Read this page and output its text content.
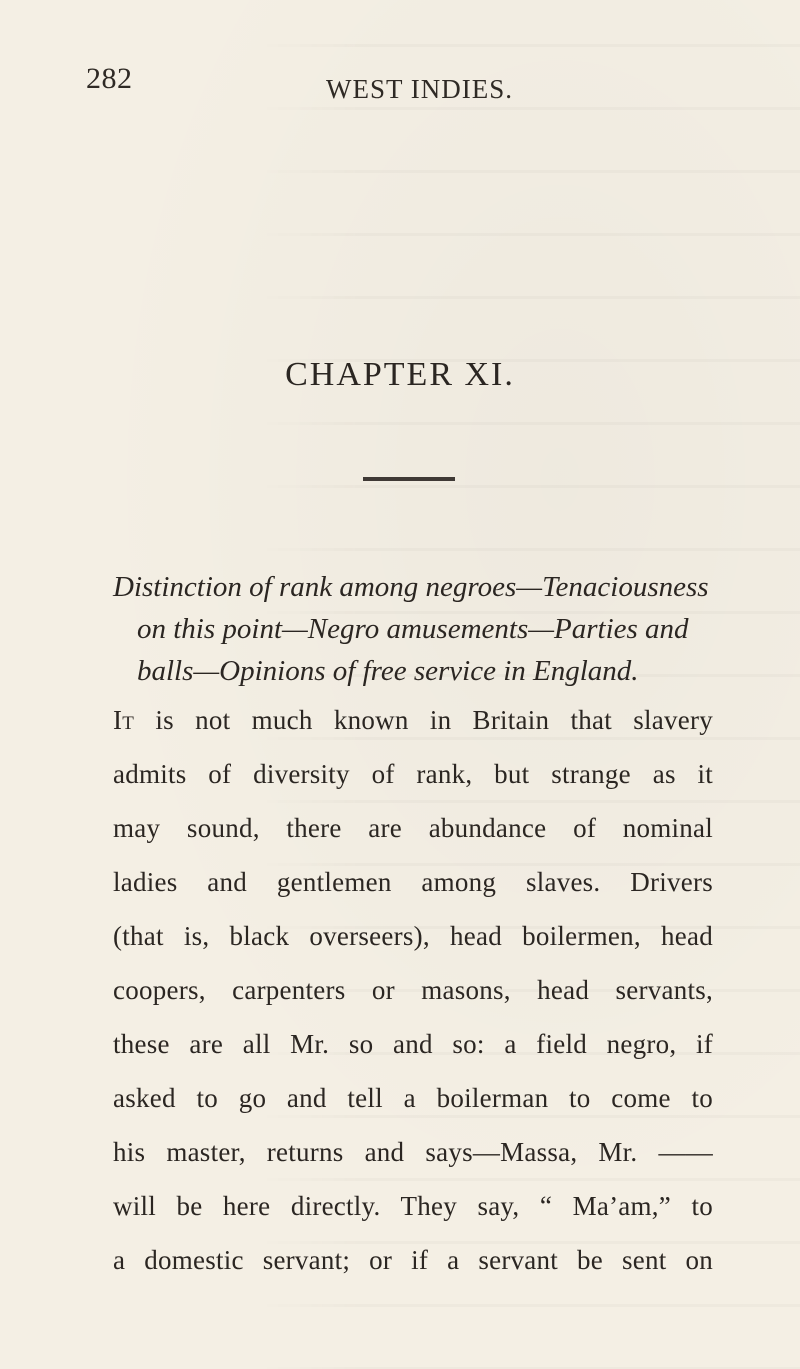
282	WEST INDIES.
CHAPTER XI.
Distinction of rank among negroes—Tenaciousness
on this point—Negro amusements—Parties and
balls—Opinions of free service in England.
It is not much known in Britain that slavery
admits of diversity of rank, but strange as it
may sound, there are abundance of nominal
ladies and gentlemen among slaves. Drivers
(that is, black overseers), head boilermen, head
coopers, carpenters or masons, head servants,
these are all Mr. so and so: a field negro, if
asked to go and tell a boilerman to come to
his master, returns and says—Massa, Mr. ——
will be here directly. They say, “ Ma’am,” to
a domestic servant; or if a servant be sent on
